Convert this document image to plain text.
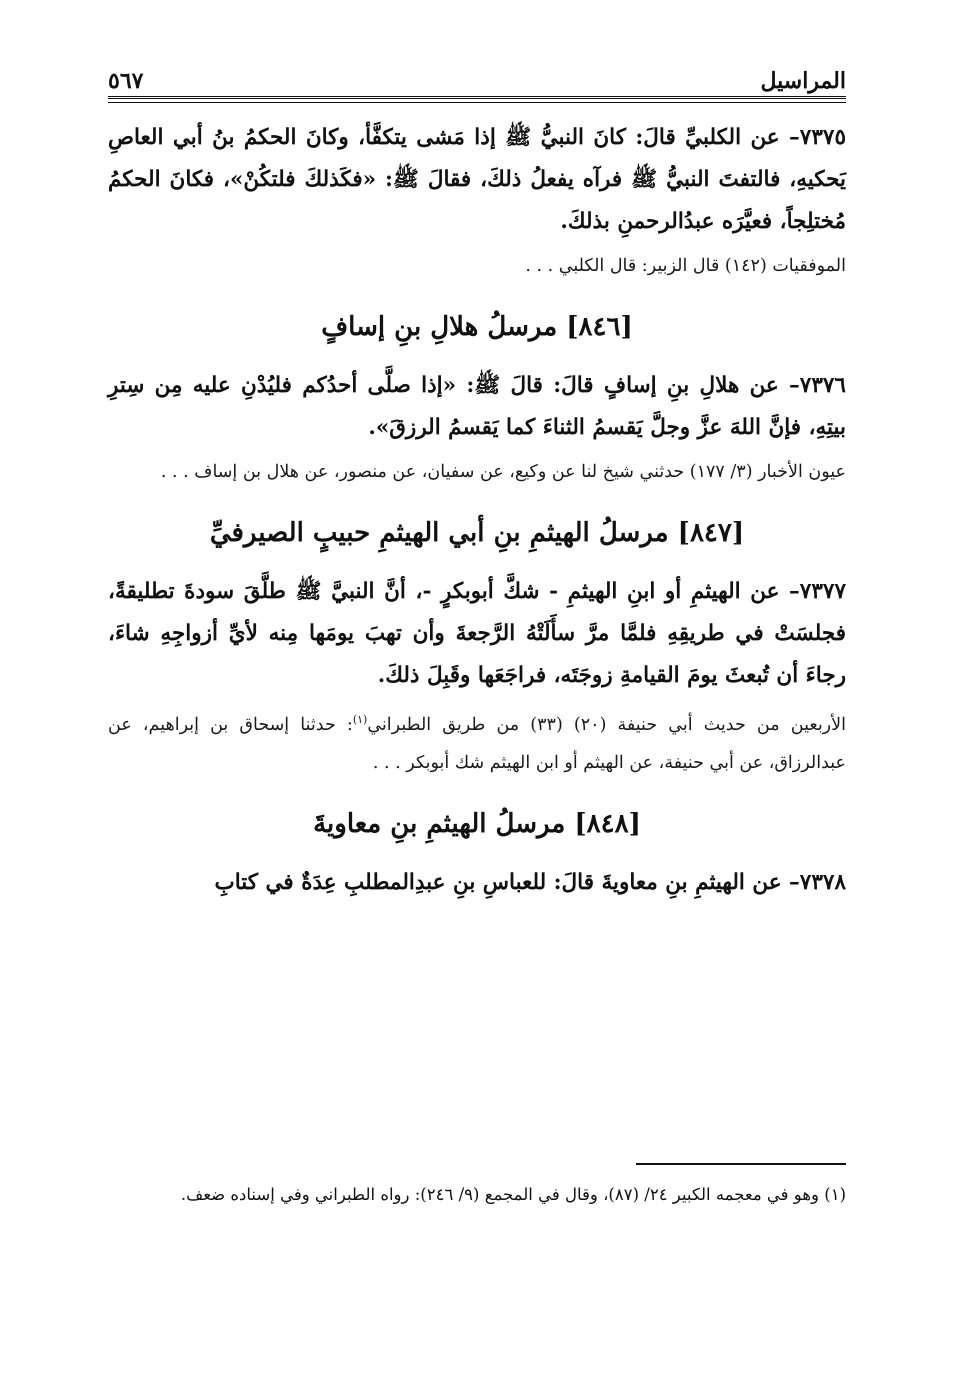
المراسيل
٥٦٧

٧٣٧٥– عن الكلبيِّ قالَ: كانَ النبيُّ ﷺ إذا مَشى يتكفَّأ، وكانَ الحكمُ بنُ أبي العاصِ يَحكيهِ، فالتفتَ النبيُّ ﷺ فرآه يفعلُ ذلكَ، فقالَ ﷺ: «فكَذلكَ فلتكُنْ»، فكانَ الحكمُ مُختلِجاً، فعيَّرَه عبدُالرحمنِ بذلكَ.

الموفقيات (١٤٢) قال الزبير: قال الكلبي . . .

[٨٤٦] مرسلُ هلالِ بنِ إسافٍ

٧٣٧٦– عن هلالِ بنِ إسافٍ قالَ: قالَ ﷺ: «إذا صلَّى أحدُكم فليُدْنِ عليه مِن سِترِ بيتِهِ، فإنَّ اللهَ عزَّ وجلَّ يَقسمُ الثناءَ كما يَقسمُ الرزقَ».

عيون الأخبار (٣/ ١٧٧) حدثني شيخ لنا عن وكيع، عن سفيان، عن منصور، عن هلال بن إساف . . .

[٨٤٧] مرسلُ الهيثمِ بنِ أبي الهيثمِ حبيبٍ الصيرفيِّ

٧٣٧٧– عن الهيثمِ أو ابنِ الهيثمِ - شكَّ أبوبكرٍ -، أنَّ النبيَّ ﷺ طلَّقَ سودةَ تطليقةً، فجلسَتْ في طريقِهِ فلمَّا مرَّ سأَلَتْهُ الرَّجعةَ وأن تهبَ يومَها مِنه لأيِّ أزواجِهِ شاءَ، رجاءَ أن تُبعثَ يومَ القيامةِ زوجَتَه، فراجَعَها وقَبِلَ ذلكَ.

الأربعين من حديث أبي حنيفة (٢٠) (٣٣) من طريق الطبراني$^{(١)}$: حدثنا إسحاق بن إبراهيم، عن عبدالرزاق، عن أبي حنيفة، عن الهيثم أو ابن الهيثم شك أبوبكر . . .

[٨٤٨] مرسلُ الهيثمِ بنِ معاويةَ

٧٣٧٨– عن الهيثمِ بنِ معاويةَ قالَ: للعباسِ بنِ عبدِالمطلبِ عِدَةٌ في كتابِ

(١) وهو في معجمه الكبير ٢٤/ (٨٧)، وقال في المجمع (٩/ ٢٤٦): رواه الطبراني وفي إسناده ضعف.
